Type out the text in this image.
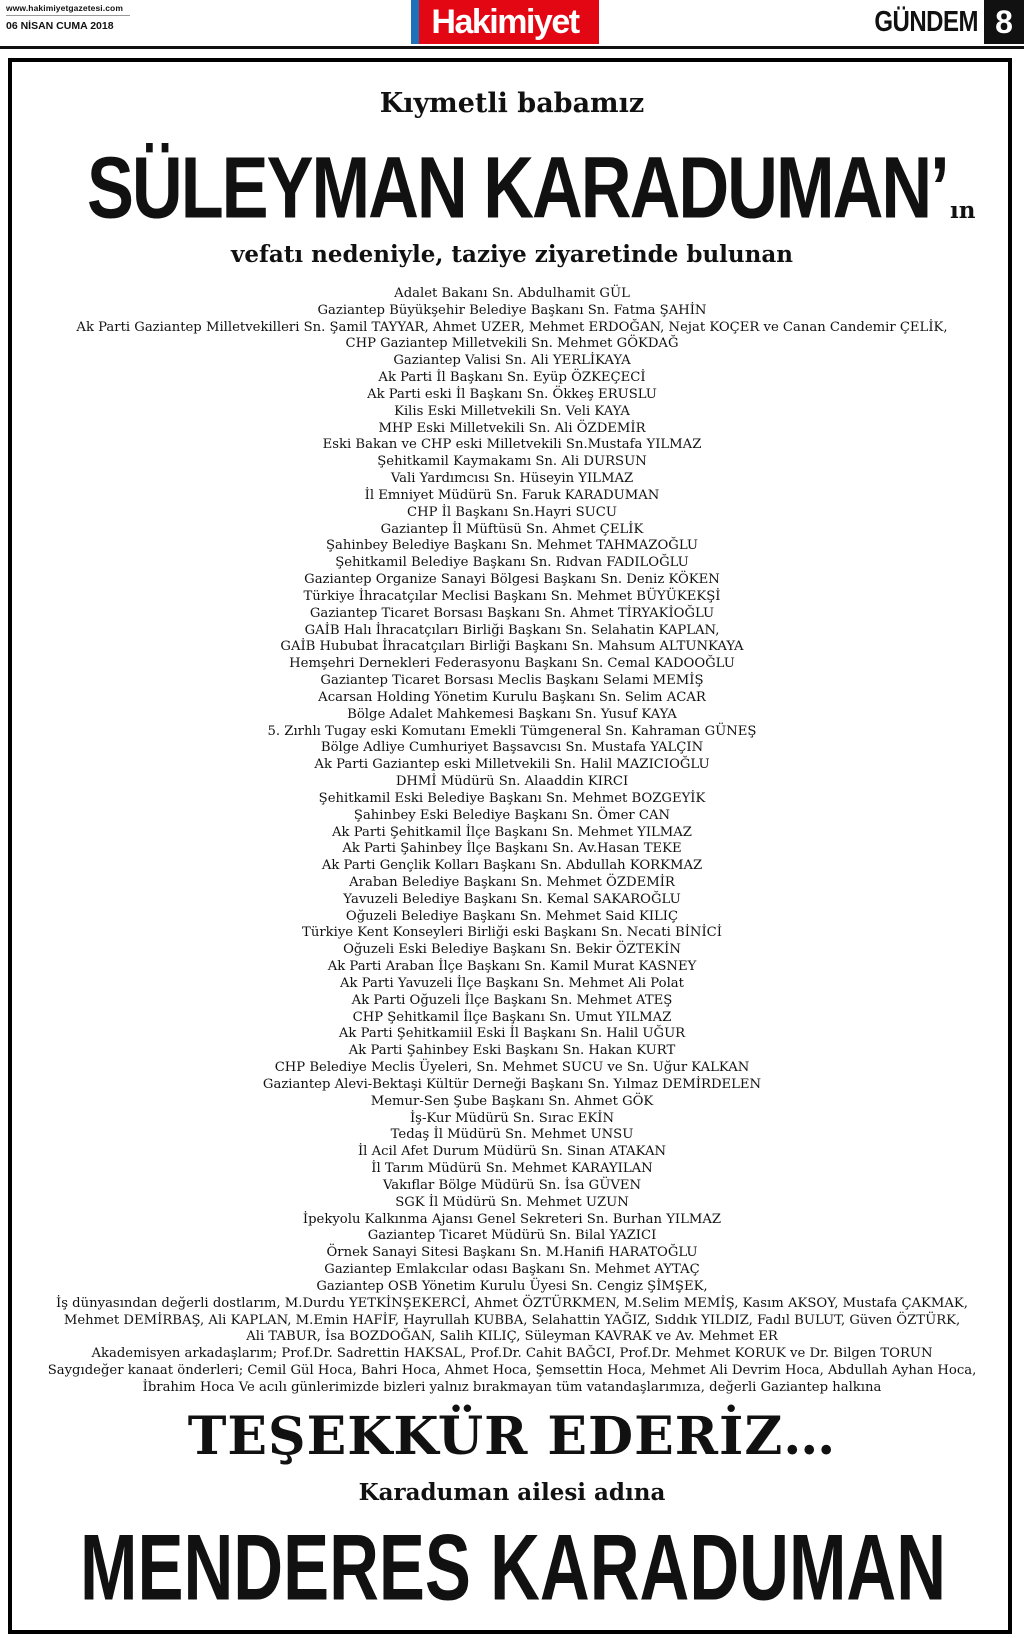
www.hakimiyetgazetesi.com
06 NİSAN CUMA 2018	Hakimiyet	GÜNDEM 8
Kıymetli babamız
SÜLEYMAN KARADUMAN’ ın
vefatı nedeniyle, taziye ziyaretinde bulunan
Adalet Bakanı Sn. Abdulhamit GÜL
Gaziantep Büyükşehir Belediye Başkanı Sn. Fatma ŞAHİN
Ak Parti Gaziantep Milletvekilleri Sn. Şamil TAYYAR, Ahmet UZER, Mehmet ERDOĞAN, Nejat KOÇER ve Canan Candemir ÇELİK,
CHP Gaziantep Milletvekili Sn. Mehmet GÖKDAĞ
Gaziantep Valisi Sn. Ali YERLİKAYA
Ak Parti İl Başkanı Sn. Eyüp ÖZKEÇECİ
Ak Parti eski İl Başkanı Sn. Ökkeş ERUSLU
Kilis Eski Milletvekili Sn. Veli KAYA
MHP Eski Milletvekili Sn. Ali ÖZDEMİR
Eski Bakan ve CHP eski Milletvekili Sn.Mustafa YILMAZ
Şehitkamil Kaymakamı Sn. Ali DURSUN
Vali Yardımcısı Sn. Hüseyin YILMAZ
İl Emniyet Müdürü Sn. Faruk KARADUMAN
CHP İl Başkanı Sn.Hayri SUCU
Gaziantep İl Müftüsü Sn. Ahmet ÇELİK
Şahinbey Belediye Başkanı Sn. Mehmet TAHMAZOĞLU
Şehitkamil Belediye Başkanı Sn. Rıdvan FADILOĞLU
Gaziantep Organize Sanayi Bölgesi Başkanı Sn. Deniz KÖKEN
Türkiye İhracatçılar Meclisi Başkanı Sn. Mehmet BÜYÜKEKŞİ
Gaziantep Ticaret Borsası Başkanı Sn. Ahmet TİRYAKİOĞLU
GAİB Halı İhracatçıları Birliği Başkanı Sn. Selahatin KAPLAN,
GAİB Hububat İhracatçıları Birliği Başkanı Sn. Mahsum ALTUNKAYA
Hemşehri Dernekleri Federasyonu Başkanı Sn. Cemal KADOOĞLU
Gaziantep Ticaret Borsası Meclis Başkanı Selami MEMİŞ
Acarsan Holding Yönetim Kurulu Başkanı Sn. Selim ACAR
Bölge Adalet Mahkemesi Başkanı Sn. Yusuf KAYA
5. Zırhlı Tugay eski Komutanı Emekli Tümgeneral Sn. Kahraman GÜNEŞ
Bölge Adliye Cumhuriyet Başsavcısı Sn. Mustafa YALÇIN
Ak Parti Gaziantep eski Milletvekili Sn. Halil MAZICIOĞLU
DHMİ Müdürü Sn. Alaaddin KIRCI
Şehitkamil Eski Belediye Başkanı Sn. Mehmet BOZGEYİK
Şahinbey Eski Belediye Başkanı Sn. Ömer CAN
Ak Parti Şehitkamil İlçe Başkanı Sn. Mehmet YILMAZ
Ak Parti Şahinbey İlçe Başkanı Sn. Av.Hasan TEKE
Ak Parti Gençlik Kolları Başkanı Sn. Abdullah KORKMAZ
Araban Belediye Başkanı Sn. Mehmet ÖZDEMİR
Yavuzeli Belediye Başkanı Sn. Kemal SAKAROĞLU
Oğuzeli Belediye Başkanı Sn. Mehmet Said KILIÇ
Türkiye Kent Konseyleri Birliği eski Başkanı Sn. Necati BİNİCİ
Oğuzeli Eski Belediye Başkanı Sn. Bekir ÖZTEKİN
Ak Parti Araban İlçe Başkanı Sn. Kamil Murat KASNEY
Ak Parti Yavuzeli İlçe Başkanı Sn. Mehmet Ali Polat
Ak Parti Oğuzeli İlçe Başkanı Sn. Mehmet ATEŞ
CHP Şehitkamil İlçe Başkanı Sn. Umut YILMAZ
Ak Parti Şehitkamiil Eski İl Başkanı Sn. Halil UĞUR
Ak Parti Şahinbey Eski Başkanı Sn. Hakan KURT
CHP Belediye Meclis Üyeleri, Sn. Mehmet SUCU ve Sn. Uğur KALKAN
Gaziantep Alevi-Bektaşi Kültür Derneği Başkanı Sn. Yılmaz DEMİRDELEN
Memur-Sen Şube Başkanı Sn. Ahmet GÖK
İş-Kur Müdürü Sn. Sırac EKİN
Tedaş İl Müdürü Sn. Mehmet UNSU
İl Acil Afet Durum Müdürü Sn. Sinan ATAKAN
İl Tarım Müdürü Sn. Mehmet KARAYILAN
Vakıflar Bölge Müdürü Sn. İsa GÜVEN
SGK İl Müdürü Sn. Mehmet UZUN
İpekyolu Kalkınma Ajansı Genel Sekreteri Sn. Burhan YILMAZ
Gaziantep Ticaret Müdürü Sn. Bilal YAZICI
Örnek Sanayi Sitesi Başkanı Sn. M.Hanifi HARATOĞLU
Gaziantep Emlakcılar odası Başkanı Sn. Mehmet AYTAÇ
Gaziantep OSB Yönetim Kurulu Üyesi Sn. Cengiz ŞİMŞEK,
İş dünyasından değerli dostlarım, M.Durdu YETKİNŞEKERCİ, Ahmet ÖZTÜRKMEN, M.Selim MEMİŞ, Kasım AKSOY, Mustafa ÇAKMAK,
Mehmet DEMİRBAŞ, Ali KAPLAN, M.Emin HAFİF, Hayrullah KUBBA, Selahattin YAĞIZ, Sıddık YILDIZ, Fadıl BULUT, Güven ÖZTÜRK,
Ali TABUR, İsa BOZDOĞAN, Salih KILIÇ, Süleyman KAVRAK ve Av. Mehmet ER
Akademisyen arkadaşlarım; Prof.Dr. Sadrettin HAKSAL, Prof.Dr. Cahit BAĞCI, Prof.Dr. Mehmet KORUK ve Dr. Bilgen TORUN
Saygıdeğer kanaat önderleri; Cemil Gül Hoca, Bahri Hoca, Ahmet Hoca, Şemsettin Hoca, Mehmet Ali Devrim Hoca, Abdullah Ayhan Hoca,
İbrahim Hoca Ve acılı günlerimizde bizleri yalnız bırakmayan tüm vatandaşlarımıza, değerli Gaziantep halkına
TEŞEKKÜR EDERİZ…
Karaduman ailesi adına
MENDERES KARADUMAN
